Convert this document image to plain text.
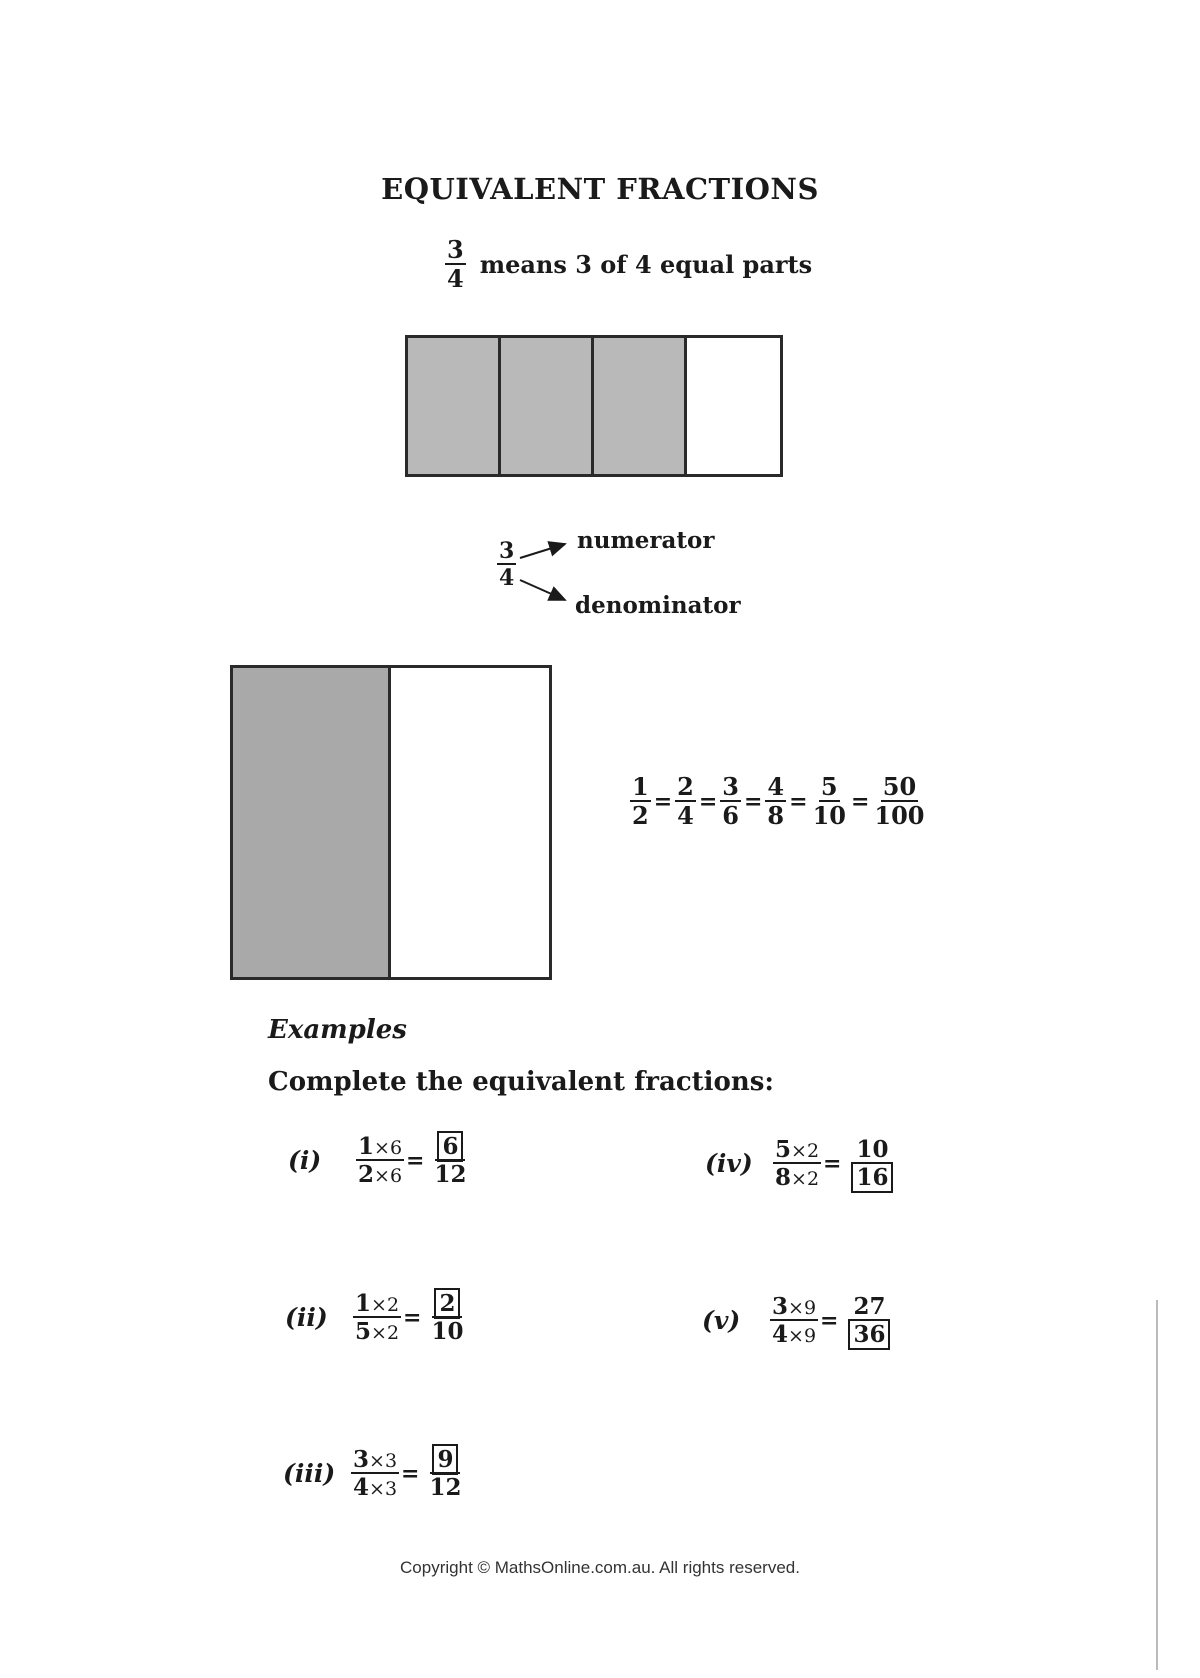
EQUIVALENT FRACTIONS
$\frac{3}{4}$ means 3 of 4 equal parts
$\frac{3}{4}$	numerator
denominator
$\frac{1}{2} = \frac{2}{4} = \frac{3}{6} = \frac{4}{8} = \frac{5}{10} = \frac{50}{100}$
Examples
Complete the equivalent fractions:
(i)	$\frac{1\times 6}{2\times 6} = \frac{6}{12}$
(ii)	$\frac{1\times 2}{5\times 2} = \frac{2}{10}$
$(iii) \frac{3\times 3}{4\times 3} = \frac{9}{12}$
$(iv) \frac{5\times 2}{8\times 2} = \frac{10}{16}$
(v)	$\frac{3\times 9}{4\times 9} = \frac{27}{36}$
Copyright © MathsOnline.com.au. All rights reserved.
